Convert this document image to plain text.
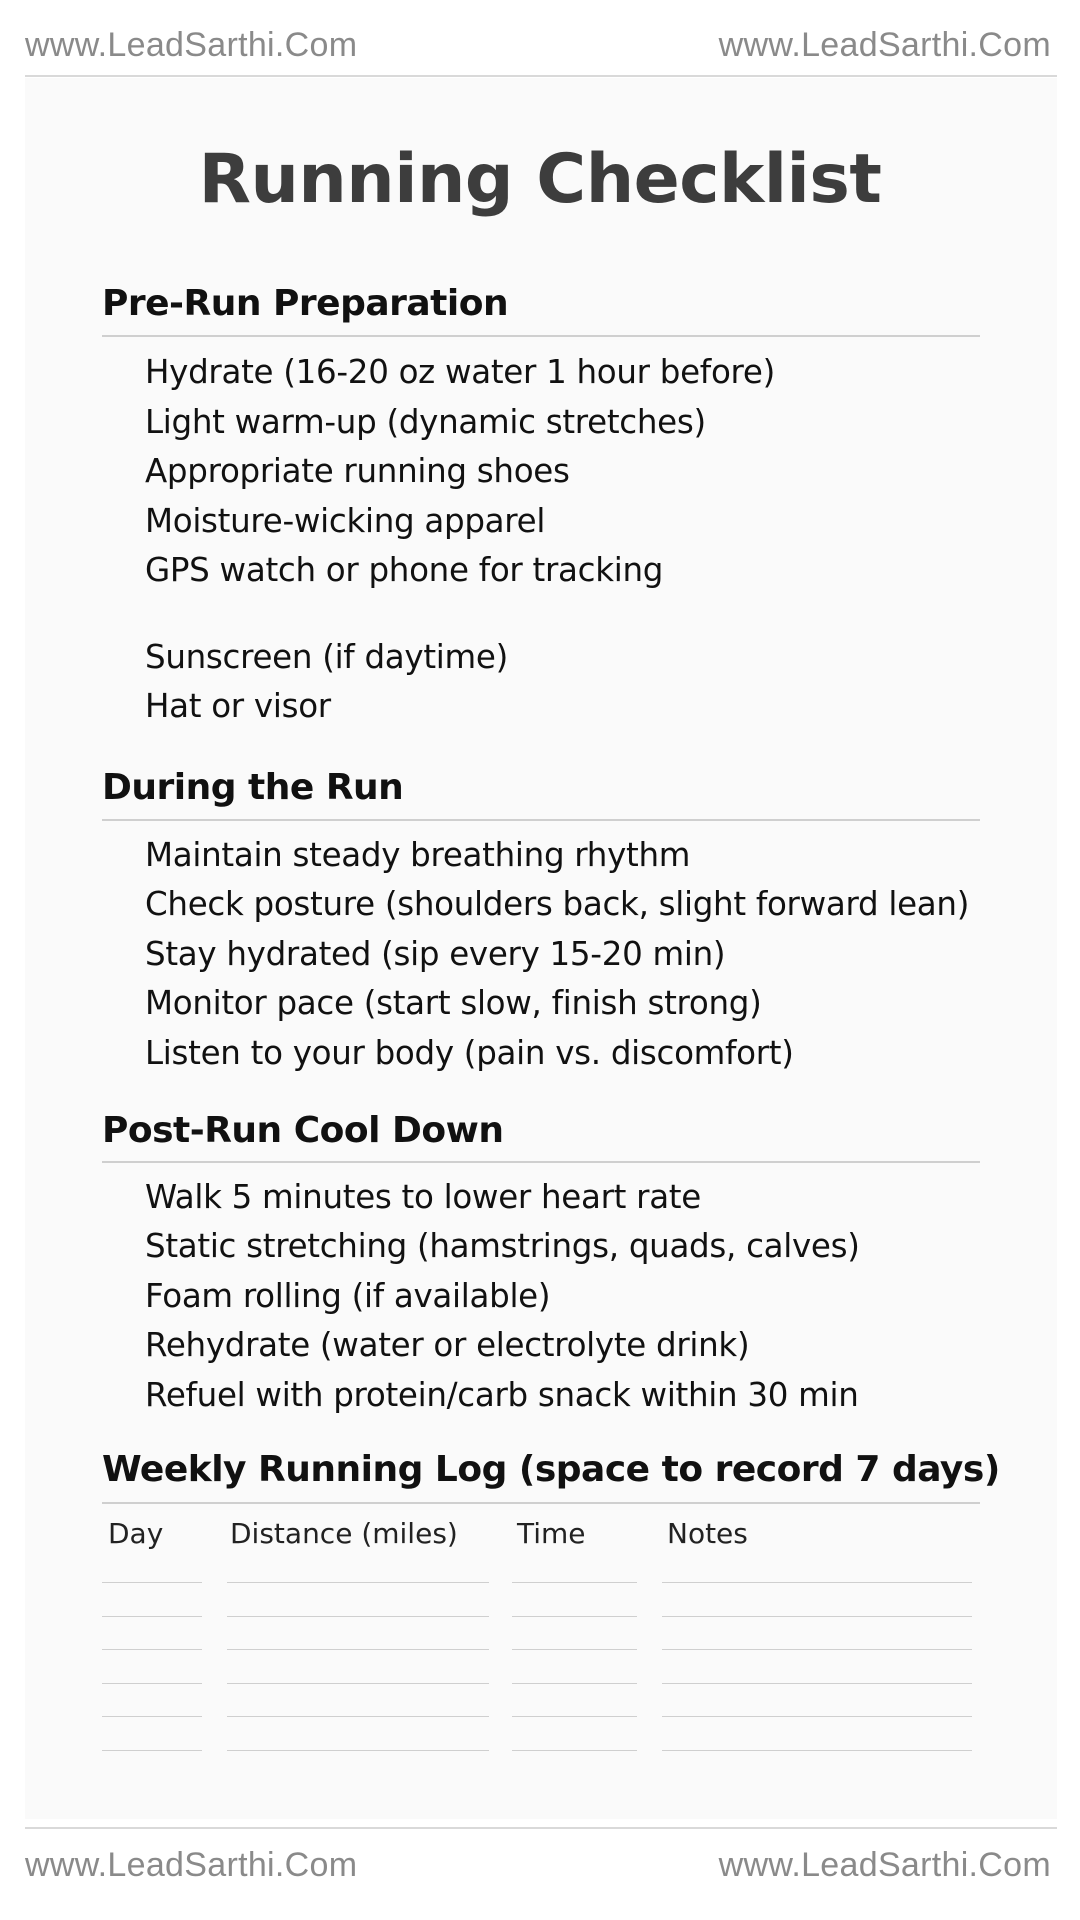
www.LeadSarthi.Com	www.LeadSarthi.Com
Running Checklist
Pre-Run Preparation
Hydrate (16-20 oz water 1 hour before)
Light warm-up (dynamic stretches)
Appropriate running shoes
Moisture-wicking apparel
GPS watch or phone for tracking
Sunscreen (if daytime)
Hat or visor
During the Run
Maintain steady breathing rhythm
Check posture (shoulders back, slight forward lean)
Stay hydrated (sip every 15-20 min)
Monitor pace (start slow, finish strong)
Listen to your body (pain vs. discomfort)
Post-Run Cool Down
Walk 5 minutes to lower heart rate
Static stretching (hamstrings, quads, calves)
Foam rolling (if available)
Rehydrate (water or electrolyte drink)
Refuel with protein/carb snack within 30 min
Weekly Running Log (space to record 7 days)
Day Distance (miles) Time	Notes
www.LeadSarthi.Com	www.LeadSarthi.Com
